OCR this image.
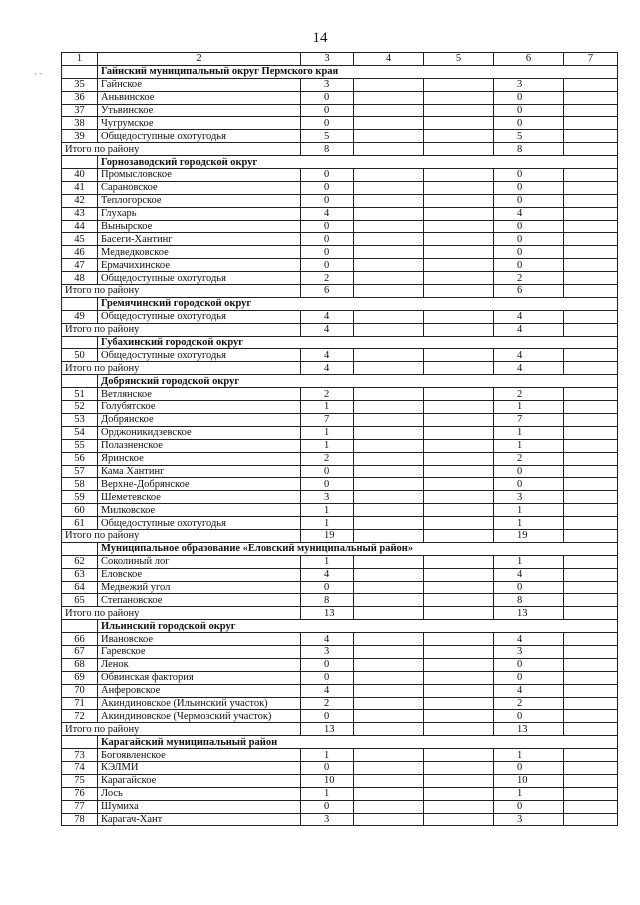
14
- -
1	2	3	4	5	6	7
	Гайнский муниципальный округ Пермского края					
35	Гайнское	3			3	
36	Аньвинское	0			0	
37	Утьвинское	0			0	
38	Чугрумское	0			0	
39	Общедоступные охотугодья	5			5	
Итого по району		8			8	
	Горнозаводский городской округ					
40	Промысловское	0			0	
41	Сарановское	0			0	
42	Теплогорское	0			0	
43	Глухарь	4			4	
44	Вынырское	0			0	
45	Басеги-Хантинг	0			0	
46	Медведковское	0			0	
47	Ермачихинское	0			0	
48	Общедоступные охотугодья	2			2	
Итого по району		6			6	
	Гремячинский городской округ					
49	Общедоступные охотугодья	4			4	
Итого по району		4			4	
	Губахинский городской округ					
50	Общедоступные охотугодья	4			4	
Итого по району		4			4	
	Добрянский городской округ					
51	Ветлянское	2			2	
52	Голубятское	1			1	
53	Добрянское	7			7	
54	Орджоникидзевское	1			1	
55	Полазненское	1			1	
56	Яринское	2			2	
57	Кама Хантинг	0			0	
58	Верхне-Добрянское	0			0	
59	Шеметевское	3			3	
60	Милковское	1			1	
61	Общедоступные охотугодья	1			1	
Итого по району		19			19	
	Муниципальное образование «Еловский муниципальный район»					
62	Соколиный лог	1			1	
63	Еловское	4			4	
64	Медвежий угол	0			0	
65	Степановское	8			8	
Итого по району		13			13	
	Ильинский городской округ					
66	Ивановское	4			4	
67	Гаревское	3			3	
68	Ленок	0			0	
69	Обвинская фактория	0			0	
70	Анферовское	4			4	
71	Акиндиновское (Ильинский участок)	2			2	
72	Акиндиновское (Чермозский участок)	0			0	
Итого по району		13			13	
	Карагайский муниципальный район					
73	Богоявленское	1			1	
74	КЭЛМИ	0			0	
75	Карагайское	10			10	
76	Лось	1			1	
77	Шумиха	0			0	
78	Карагач-Хант	3			3	
